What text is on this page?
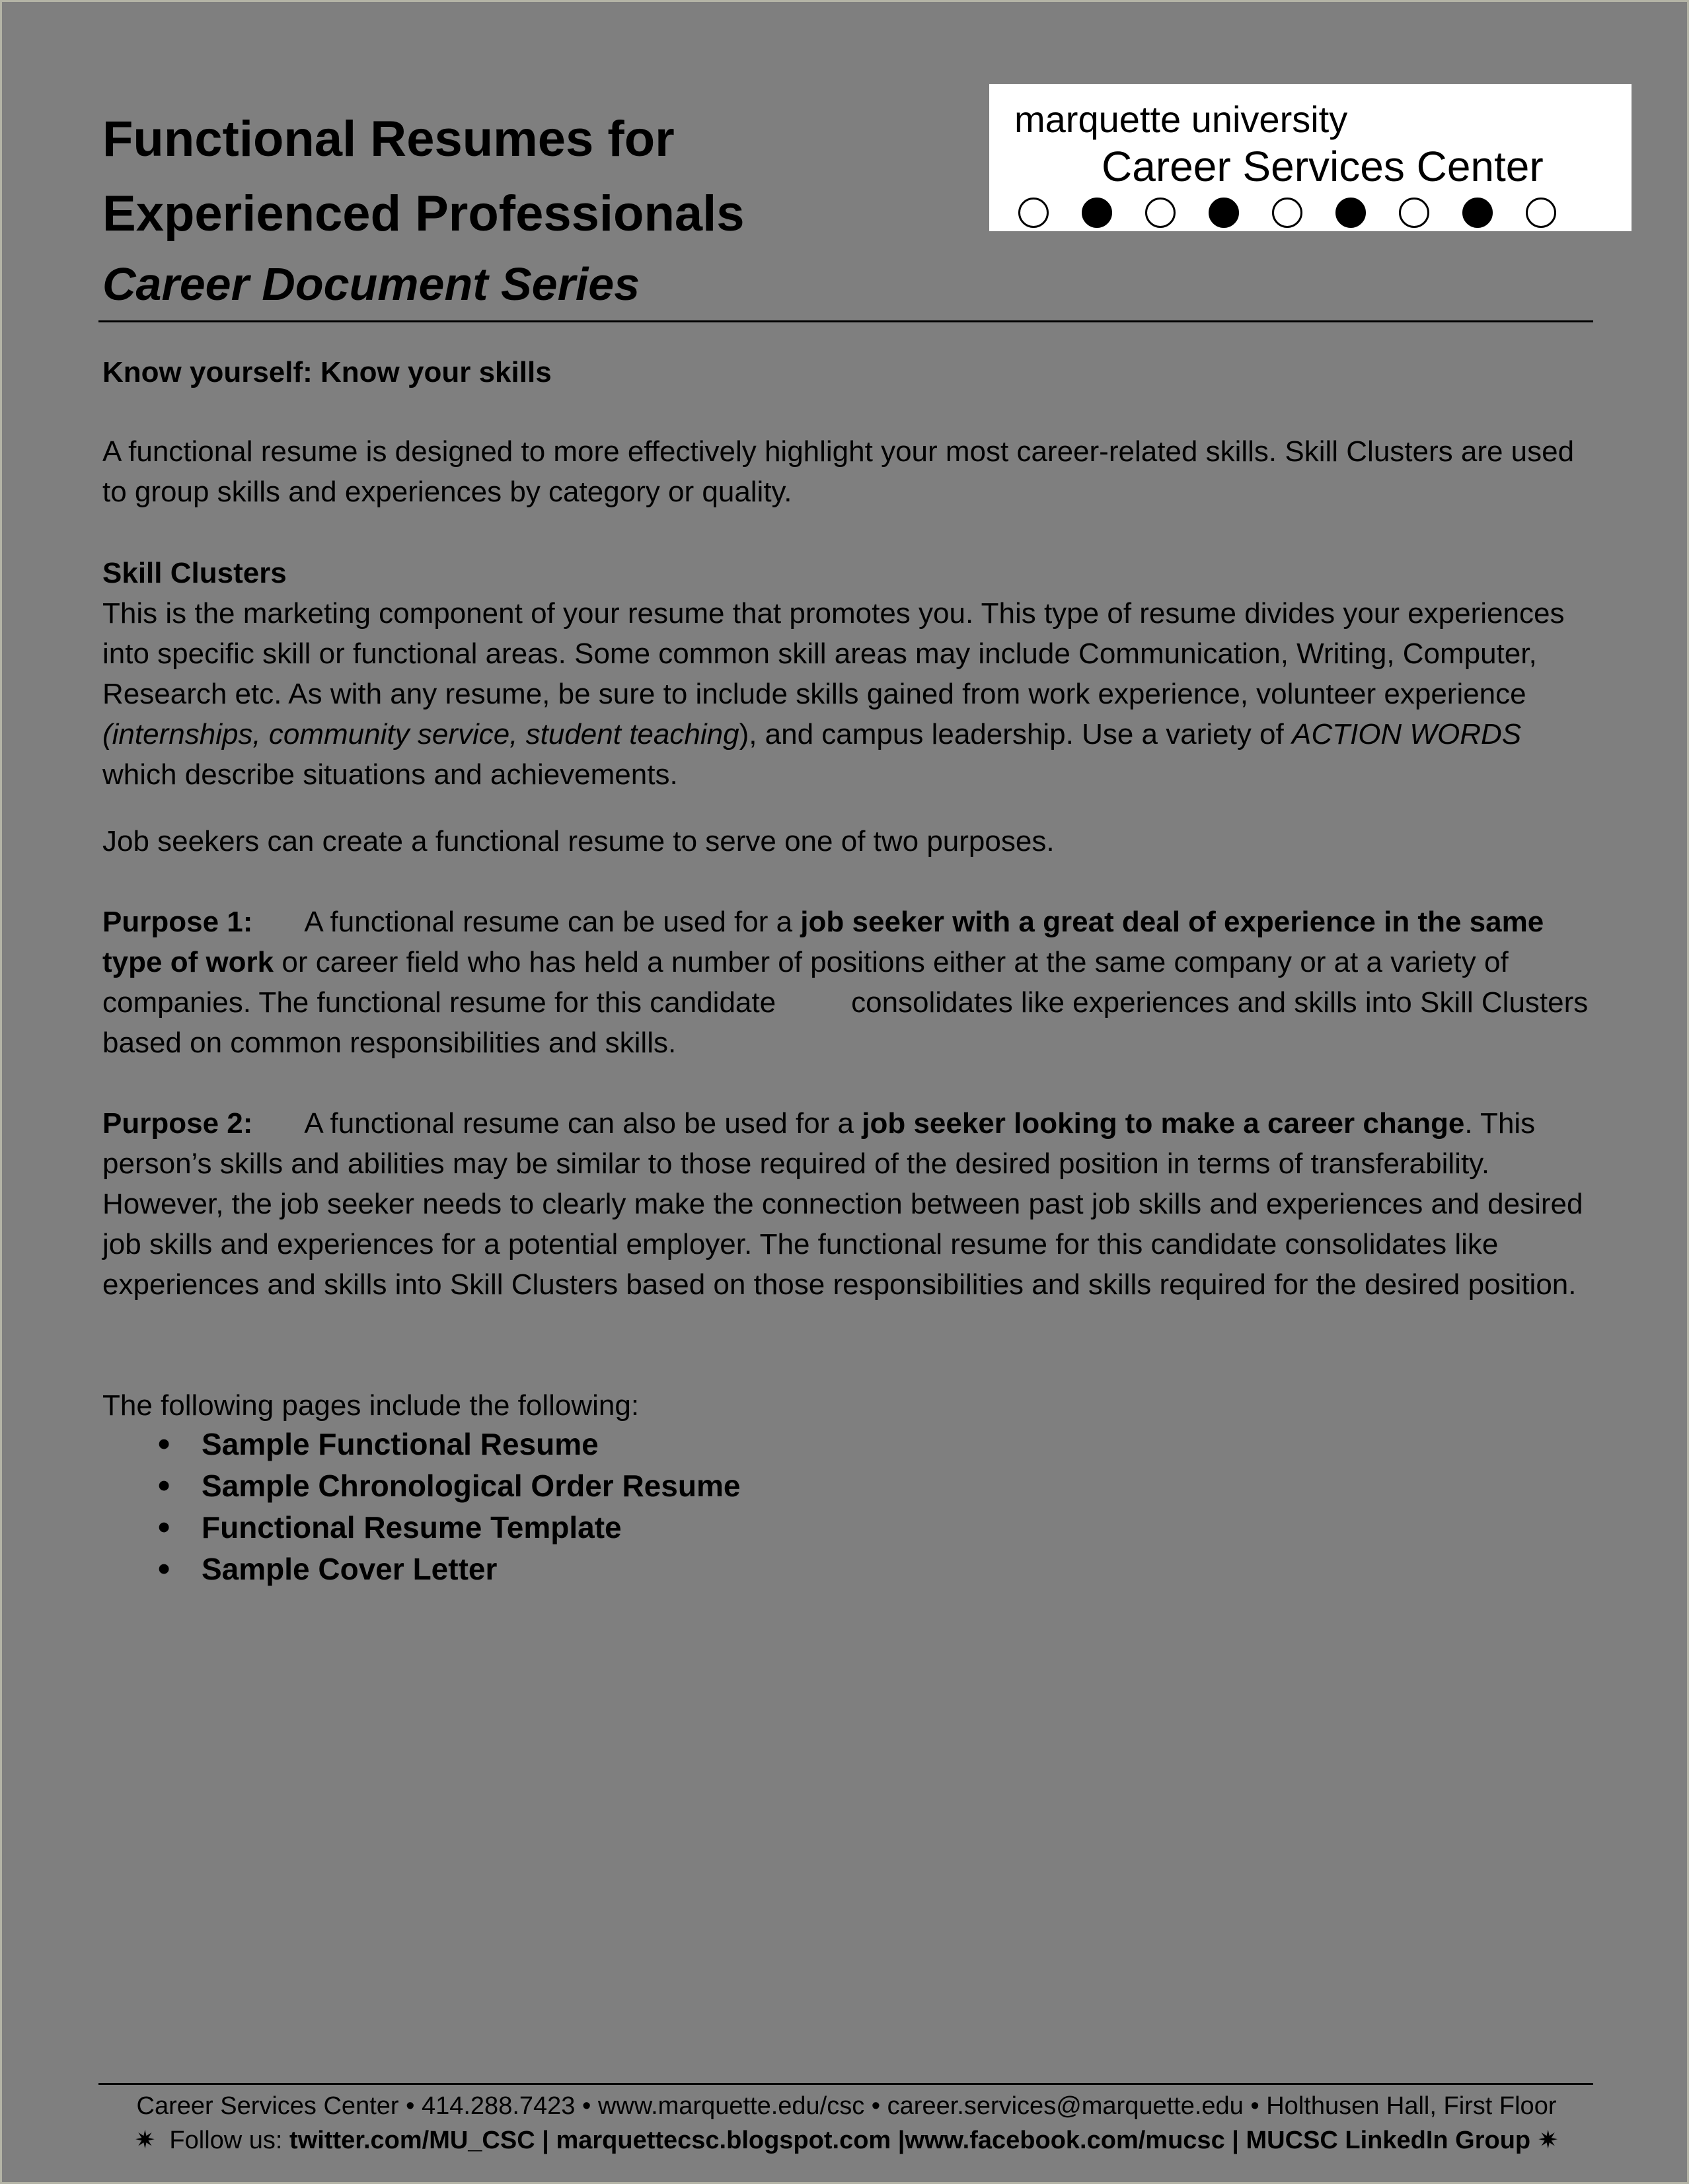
Functional Resumes for
Experienced Professionals
Career Document Series
marquette university
Career Services Center

Know yourself: Know your skills

A functional resume is designed to more effectively highlight your most career-related skills. Skill Clusters are used to group skills and experiences by category or quality.

Skill Clusters

This is the marketing component of your resume that promotes you. This type of resume divides your experiences into specific skill or functional areas. Some common skill areas may include Communication, Writing, Computer, Research etc. As with any resume, be sure to include skills gained from work experience, volunteer experience (internships, community service, student teaching), and campus leadership. Use a variety of ACTION WORDS which describe situations and achievements.

Job seekers can create a functional resume to serve one of two purposes.

Purpose 1: A functional resume can be used for a job seeker with a great deal of experience in the same type of work or career field who has held a number of positions either at the same company or at a variety of companies. The functional resume for this candidate	consolidates like experiences and skills into Skill Clusters based on common responsibilities and skills.

Purpose 2: A functional resume can also be used for a job seeker looking to make a career change. This person’s skills and abilities may be similar to those required of the desired position in terms of transferability. However, the job seeker needs to clearly make the connection between past job skills and experiences and desired job skills and experiences for a potential employer. The functional resume for this candidate consolidates like experiences and skills into Skill Clusters based on those responsibilities and skills required for the desired position.

The following pages include the following:

• Sample Functional Resume
• Sample Chronological Order Resume
• Functional Resume Template
• Sample Cover Letter
Career Services Center • 414.288.7423 • www.marquette.edu/csc • career.services@marquette.edu • Holthusen Hall, First Floor
✷ Follow us: twitter.com/MU_CSC | marquettecsc.blogspot.com |www.facebook.com/mucsc | MUCSC LinkedIn Group ✷
